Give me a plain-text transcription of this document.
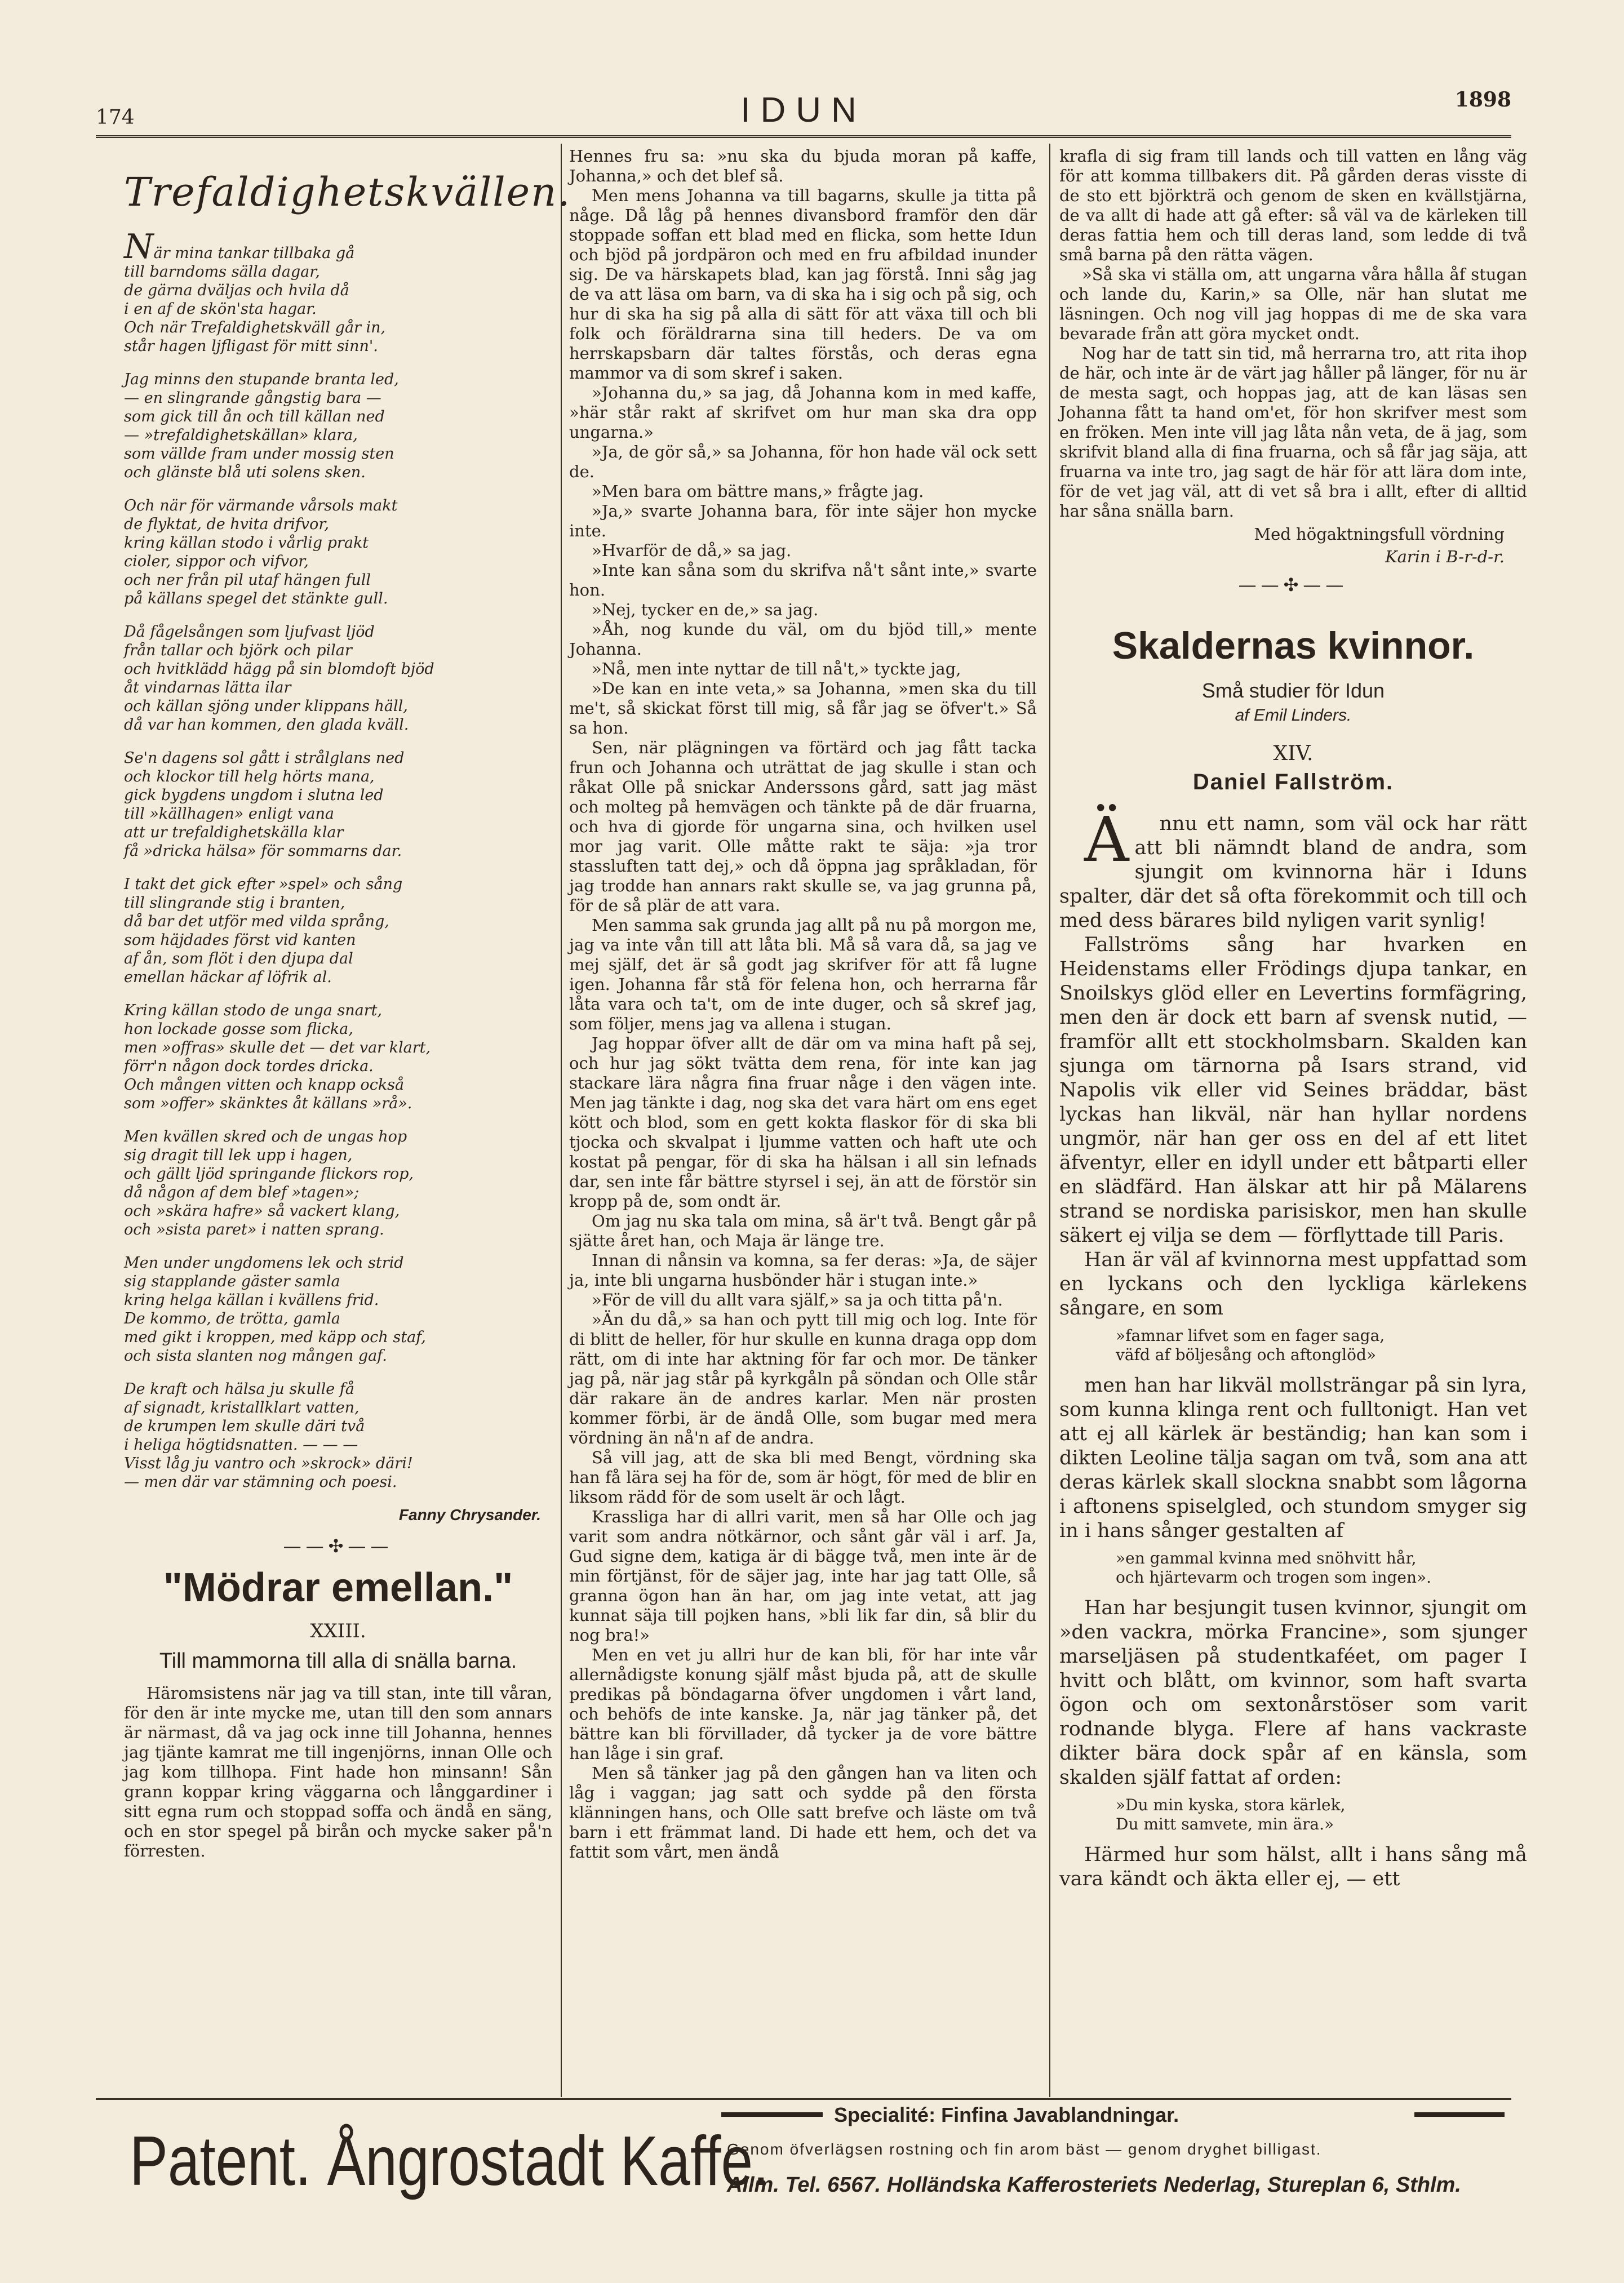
174	IDUN	1898
Trefaldighetskvällen.
När mina tankar tillbaka gå
till barndoms sälla dagar,
de gärna dväljas och hvila då
i en af de skön'sta hagar.
Och när Trefaldighetskväll går in,
står hagen ljfligast för mitt sinn'.
Jag minns den stupande branta led,
— en slingrande gångstig bara —
som gick till ån och till källan ned
— »trefaldighetskällan» klara,
som vällde fram under mossig sten
och glänste blå uti solens sken.
Och när för värmande vårsols makt
de flyktat, de hvita drifvor,
kring källan stodo i vårlig prakt
cioler, sippor och vifvor,
och ner från pil utaf hängen full
på källans spegel det stänkte gull.
Då fågelsången som ljufvast ljöd
från tallar och björk och pilar
och hvitklädd hägg på sin blomdoft bjöd
åt vindarnas lätta ilar
och källan sjöng under klippans häll,
då var han kommen, den glada kväll.
Se'n dagens sol gått i strålglans ned
och klockor till helg hörts mana,
gick bygdens ungdom i slutna led
till »källhagen» enligt vana
att ur trefaldighetskälla klar
få »dricka hälsa» för sommarns dar.
I takt det gick efter »spel» och sång
till slingrande stig i branten,
då bar det utför med vilda språng,
som häjdades först vid kanten
af ån, som flöt i den djupa dal
emellan häckar af löfrik al.
Kring källan stodo de unga snart,
hon lockade gosse som flicka,
men »offras» skulle det — det var klart,
förr'n någon dock tordes dricka.
Och mången vitten och knapp också
som »offer» skänktes åt källans »rå».
Men kvällen skred och de ungas hop
sig dragit till lek upp i hagen,
och gällt ljöd springande flickors rop,
då någon af dem blef »tagen»;
och »skära hafre» så vackert klang,
och »sista paret» i natten sprang.
Men under ungdomens lek och strid
sig stapplande gäster samla
kring helga källan i kvällens frid.
De kommo, de trötta, gamla
med gikt i kroppen, med käpp och staf,
och sista slanten nog mången gaf.
De kraft och hälsa ju skulle få
af signadt, kristallklart vatten,
de krumpen lem skulle däri två
i heliga högtidsnatten. — — —
Visst låg ju vantro och »skrock» däri!
— men där var stämning och poesi.
Fanny Chrysander.
——✣——
"Mödrar emellan."
XXIII.
Till mammorna till alla di snälla barna.

Häromsistens när jag va till stan, inte till våran, för den är inte mycke me, utan till den som annars är närmast, då va jag ock inne till Johanna, hennes jag tjänte kamrat me till ingenjörns, innan Olle och jag kom tillhopa. Fint hade hon minsann! Sån grann koppar kring väggarna och långgardiner i sitt egna rum och stoppad soffa och ändå en säng, och en stor spegel på birån och mycke saker på'n förresten.

Hennes fru sa: »nu ska du bjuda moran på kaffe, Johanna,» och det blef så.

Men mens Johanna va till bagarns, skulle ja titta på någe. Då låg på hennes divansbord framför den där stoppade soffan ett blad med en flicka, som hette Idun och bjöd på jordpäron och med en fru afbildad inunder sig. De va härskapets blad, kan jag förstå. Inni såg jag de va att läsa om barn, va di ska ha i sig och på sig, och hur di ska ha sig på alla di sätt för att växa till och bli folk och föräldrarna sina till heders. De va om herrskapsbarn där taltes förstås, och deras egna mammor va di som skref i saken.

»Johanna du,» sa jag, då Johanna kom in med kaffe, »här står rakt af skrifvet om hur man ska dra opp ungarna.»

»Ja, de gör så,» sa Johanna, för hon hade väl ock sett de.

»Men bara om bättre mans,» frågte jag.

»Ja,» svarte Johanna bara, för inte säjer hon mycke inte.

»Hvarför de då,» sa jag.

»Inte kan såna som du skrifva nå't sånt inte,» svarte hon.

»Nej, tycker en de,» sa jag.

»Åh, nog kunde du väl, om du bjöd till,» mente Johanna.

»Nå, men inte nyttar de till nå't,» tyckte jag,

»De kan en inte veta,» sa Johanna, »men ska du till me't, så skickat först till mig, så får jag se öfver't.» Så sa hon.

Sen, när plägningen va förtärd och jag fått tacka frun och Johanna och uträttat de jag skulle i stan och råkat Olle på snickar Anderssons gård, satt jag mäst och molteg på hemvägen och tänkte på de där fruarna, och hva di gjorde för ungarna sina, och hvilken usel mor jag varit. Olle måtte rakt te säja: »ja tror stassluften tatt dej,» och då öppna jag språkladan, för jag trodde han annars rakt skulle se, va jag grunna på, för de så plär de att vara.

Men samma sak grunda jag allt på nu på morgon me, jag va inte vån till att låta bli. Må så vara då, sa jag ve mej själf, det är så godt jag skrifver för att få lugne igen. Johanna får stå för felena hon, och herrarna får låta vara och ta't, om de inte duger, och så skref jag, som följer, mens jag va allena i stugan.

Jag hoppar öfver allt de där om va mina haft på sej, och hur jag sökt tvätta dem rena, för inte kan jag stackare lära några fina fruar någe i den vägen inte. Men jag tänkte i dag, nog ska det vara härt om ens eget kött och blod, som en gett kokta flaskor för di ska bli tjocka och skvalpat i ljumme vatten och haft ute och kostat på pengar, för di ska ha hälsan i all sin lefnads dar, sen inte får bättre styrsel i sej, än att de förstör sin kropp på de, som ondt är.

Om jag nu ska tala om mina, så är't två. Bengt går på sjätte året han, och Maja är länge tre.

Innan di nånsin va komna, sa fer deras: »Ja, de säjer ja, inte bli ungarna husbönder här i stugan inte.»

»För de vill du allt vara själf,» sa ja och titta på'n.

»Än du då,» sa han och pytt till mig och log. Inte för di blitt de heller, för hur skulle en kunna draga opp dom rätt, om di inte har aktning för far och mor. De tänker jag på, när jag står på kyrkgåln på söndan och Olle står där rakare än de andres karlar. Men när prosten kommer förbi, är de ändå Olle, som bugar med mera vördning än nå'n af de andra.

Så vill jag, att de ska bli med Bengt, vördning ska han få lära sej ha för de, som är högt, för med de blir en liksom rädd för de som uselt är och lågt.

Krassliga har di allri varit, men så har Olle och jag varit som andra nötkärnor, och sånt går väl i arf. Ja, Gud signe dem, katiga är di bägge två, men inte är de min förtjänst, för de säjer jag, inte har jag tatt Olle, så granna ögon han än har, om jag inte vetat, att jag kunnat säja till pojken hans, »bli lik far din, så blir du nog bra!»

Men en vet ju allri hur de kan bli, för har inte vår allernådigste konung själf måst bjuda på, att de skulle predikas på böndagarna öfver ungdomen i vårt land, och behöfs de inte kanske. Ja, när jag tänker på, det bättre kan bli förvillader, då tycker ja de vore bättre han låge i sin graf.

Men så tänker jag på den gången han va liten och låg i vaggan; jag satt och sydde på den första klänningen hans, och Olle satt brefve och läste om två barn i ett främmat land. Di hade ett hem, och det va fattit som vårt, men ändå

krafla di sig fram till lands och till vatten en lång väg för att komma tillbakers dit. På gården deras visste di de sto ett björkträ och genom de sken en kvällstjärna, de va allt di hade att gå efter: så väl va de kärleken till deras fattia hem och till deras land, som ledde di två små barna på den rätta vägen.

»Så ska vi ställa om, att ungarna våra hålla åf stugan och lande du, Karin,» sa Olle, när han slutat me läsningen. Och nog vill jag hoppas di me de ska vara bevarade från att göra mycket ondt.

Nog har de tatt sin tid, må herrarna tro, att rita ihop de här, och inte är de värt jag håller på länger, för nu är de mesta sagt, och hoppas jag, att de kan läsas sen Johanna fått ta hand om'et, för hon skrifver mest som en fröken. Men inte vill jag låta nån veta, de ä jag, som skrifvit bland alla di fina fruarna, och så får jag säja, att fruarna va inte tro, jag sagt de här för att lära dom inte, för de vet jag väl, att di vet så bra i allt, efter di alltid har såna snälla barn.

Med högaktningsfull vördning
Karin i B-r-d-r.
——✣——
Skaldernas kvinnor.
Små studier för Idun
af Emil Linders.
XIV.
Daniel Fallström.

Ännu ett namn, som väl ock har rätt att bli nämndt bland de andra, som sjungit om kvinnorna här i Iduns spalter, där det så ofta förekommit och till och med dess bärares bild nyligen varit synlig!

Fallströms sång har hvarken en Heidenstams eller Frödings djupa tankar, en Snoilskys glöd eller en Levertins formfägring, men den är dock ett barn af svensk nutid, — framför allt ett stockholmsbarn. Skalden kan sjunga om tärnorna på Isars strand, vid Napolis vik eller vid Seines bräddar, bäst lyckas han likväl, när han hyllar nordens ungmör, när han ger oss en del af ett litet äfventyr, eller en idyll under ett båtparti eller en slädfärd. Han älskar att hir på Mälarens strand se nordiska parisiskor, men han skulle säkert ej vilja se dem — förflyttade till Paris.

Han är väl af kvinnorna mest uppfattad som en lyckans och den lyckliga kärlekens sångare, en som

»famnar lifvet som en fager saga,
väfd af böljesång och aftonglöd»

men han har likväl mollsträngar på sin lyra, som kunna klinga rent och fulltonigt. Han vet att ej all kärlek är beständig; han kan som i dikten Leoline tälja sagan om två, som ana att deras kärlek skall slockna snabbt som lågorna i aftonens spiselgled, och stundom smyger sig in i hans sånger gestalten af

»en gammal kvinna med snöhvitt hår,
och hjärtevarm och trogen som ingen».

Han har besjungit tusen kvinnor, sjungit om »den vackra, mörka Francine», som sjunger marseljäsen på studentkaféet, om pager I hvitt och blått, om kvinnor, som haft svarta ögon och om sextonårstöser som varit rodnande blyga. Flere af hans vackraste dikter bära dock spår af en känsla, som skalden själf fattat af orden:

»Du min kyska, stora kärlek,
Du mitt samvete, min ära.»

Härmed hur som hälst, allt i hans sång må vara kändt och äkta eller ej, — ett

Patent. Ångrostadt Kaffe.
Specialité: Finfina Javablandningar.
Genom öfverlägsen rostning och fin arom bäst — genom dryghet billigast.
Allm. Tel. 6567. Holländska Kafferosteriets Nederlag, Stureplan 6, Sthlm.
